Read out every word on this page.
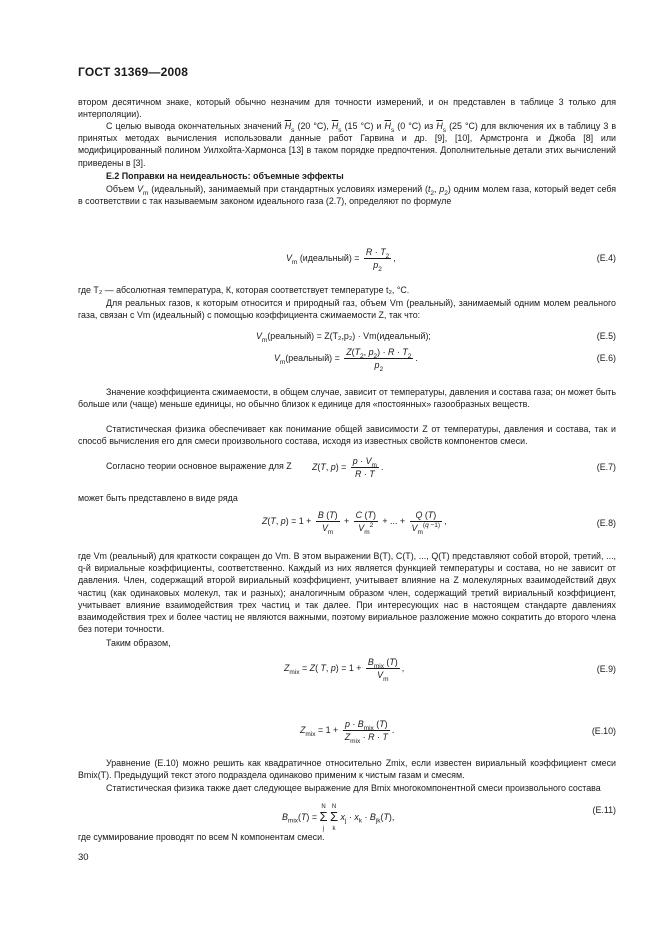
ГОСТ 31369—2008

втором десятичном знаке, который обычно незначим для точности измерений, и он представлен в таблице 3 только для интерполяции).

С целью вывода окончательных значений $\overline{H}_s$ (20 °C), $\overline{H}_s$ (15 °C) и $\overline{H}_s$ (0 °C) из $\overline{H}_s$ (25 °C) для включения их в таблицу 3 в принятых методах вычисления использовали данные работ Гарвина и др. [9], [10], Армстронга и Джоба [8] или модифицированный полином Уилхойта-Хармонса [13] в таком порядке предпочтения. Дополнительные детали этих вычислений приведены в [3].

Е.2 Поправки на неидеальность: объемные эффекты

Объем $V_m$ (идеальный), занимаемый при стандартных условиях измерений ($t_2$, $p_2$) одним молем газа, который ведет себя в соответствии с так называемым законом идеального газа (2.7), определяют по формуле

$V_m$ (идеальный) = $\frac{R \cdot T_2}{p_2}$ ,	(Е.4)

где T₂ — абсолютная температура, К, которая соответствует температуре t₂, °С.

Для реальных газов, к которым относится и природный газ, объем Vm (реальный), занимаемый одним молем реального газа, связан с Vm (идеальный) с помощью коэффициента сжимаемости Z, так что:

$V_m(реальный) = Z(T_2,p_2)$ · Vm(идеальный);	(Е.5)
$V_m(реальный) = \frac{Z(T_2, p_2) \cdot R \cdot T_2}{p_2}$ .	(Е.6)

Значение коэффициента сжимаемости, в общем случае, зависит от температуры, давления и состава газа; он может быть больше или (чаще) меньше единицы, но обычно близок к единице для «постоянных» газообразных веществ.

Статистическая физика обеспечивает как понимание общей зависимости Z от температуры, давления и состава, так и способ вычисления его для смеси произвольного состава, исходя из известных свойств компонентов смеси.

Согласно теории основное выражение для Z	Z(T, $p) = \frac{p \cdot V_m}{R \cdot T}$ .	(Е.7)

может быть представлено в виде ряда

Z(T, $p) = 1 + \frac{B (T)}{V_m} + \frac{C (T)}{V_m^2}$ + ... + $\frac{Q (T)}{V_m^{(q -1)}}$ ,	(Е.8)

где Vm (реальный) для краткости сокращен до Vm. В этом выражении B(T), C(T), ..., Q(T) представляют собой второй, третий, ..., q-й вириальные коэффициенты, соответственно. Каждый из них является функцией температуры и состава, но не зависит от давления. Член, содержащий второй вириальный коэффициент, учитывает влияние на Z молекулярных взаимодействий двух частиц (как одинаковых молекул, так и разных); аналогичным образом член, содержащий третий вириальный коэффициент, учитывает влияние взаимодействия трех частиц и так далее. При интересующих нас в настоящем стандарте давлениях взаимодействия трех и более частиц не являются важными, поэтому вириальное разложение можно сократить до второго члена без потери точности.

Таким образом,

$Z_{mix} = Z$( T, $p) = 1 + \frac{B_{mix} (T)}{V_m}$ ,	(Е.9)
$Z_{mix} = 1 + \frac{p \cdot B_{mix} (T)}{Z_{mix} \cdot R \cdot T}$ .	(Е.10)

Уравнение (Е.10) можно решить как квадратичное относительно Zmix, если известен вириальный коэффициент смеси Bmix(T). Предыдущий текст этого подраздела одинаково применим к чистым газам и смесям.

Статистическая физика также дает следующее выражение для Bmix многокомпонентной смеси произвольного состава

$B_{mix}(T) = N$
Σ
j N
Σ
k $x_j \cdot x_k \cdot B_{jk}(T)$,
(Е.11)

где суммирование проводят по всем N компонентам смеси.

30
